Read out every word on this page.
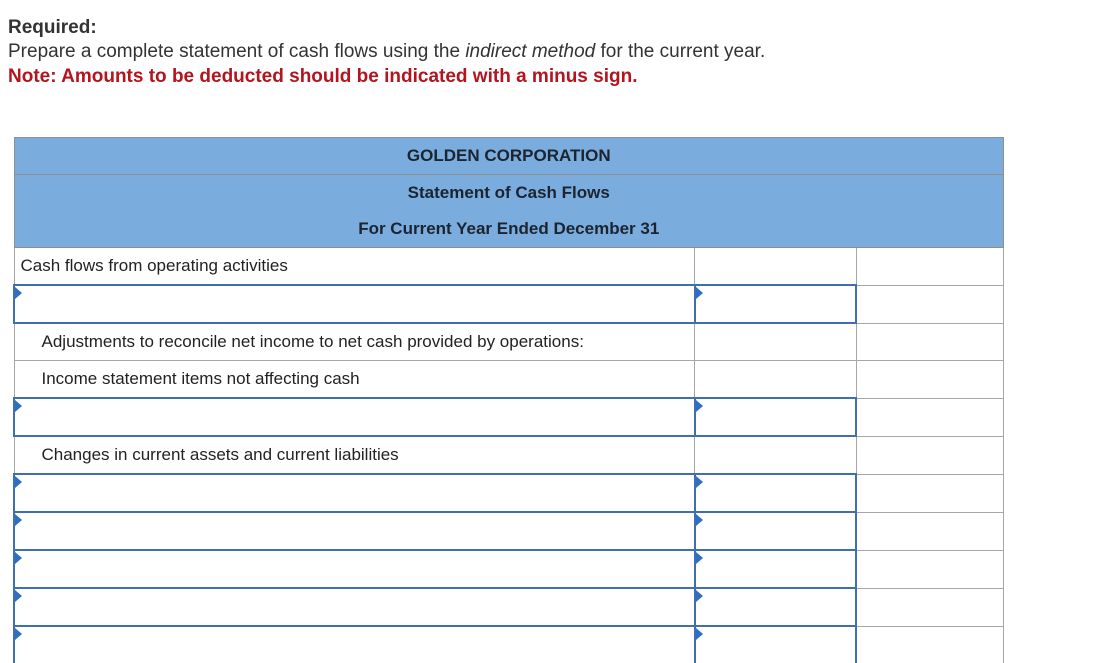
Required:
Prepare a complete statement of cash flows using the indirect method for the current year.
Note: Amounts to be deducted should be indicated with a minus sign.
GOLDEN CORPORATION		
Statement of Cash Flows		
For Current Year Ended December 31		
Cash flows from operating activities		

Adjustments to reconcile net income to net cash provided by operations:		
Income statement items not affecting cash		

Changes in current assets and current liabilities		
